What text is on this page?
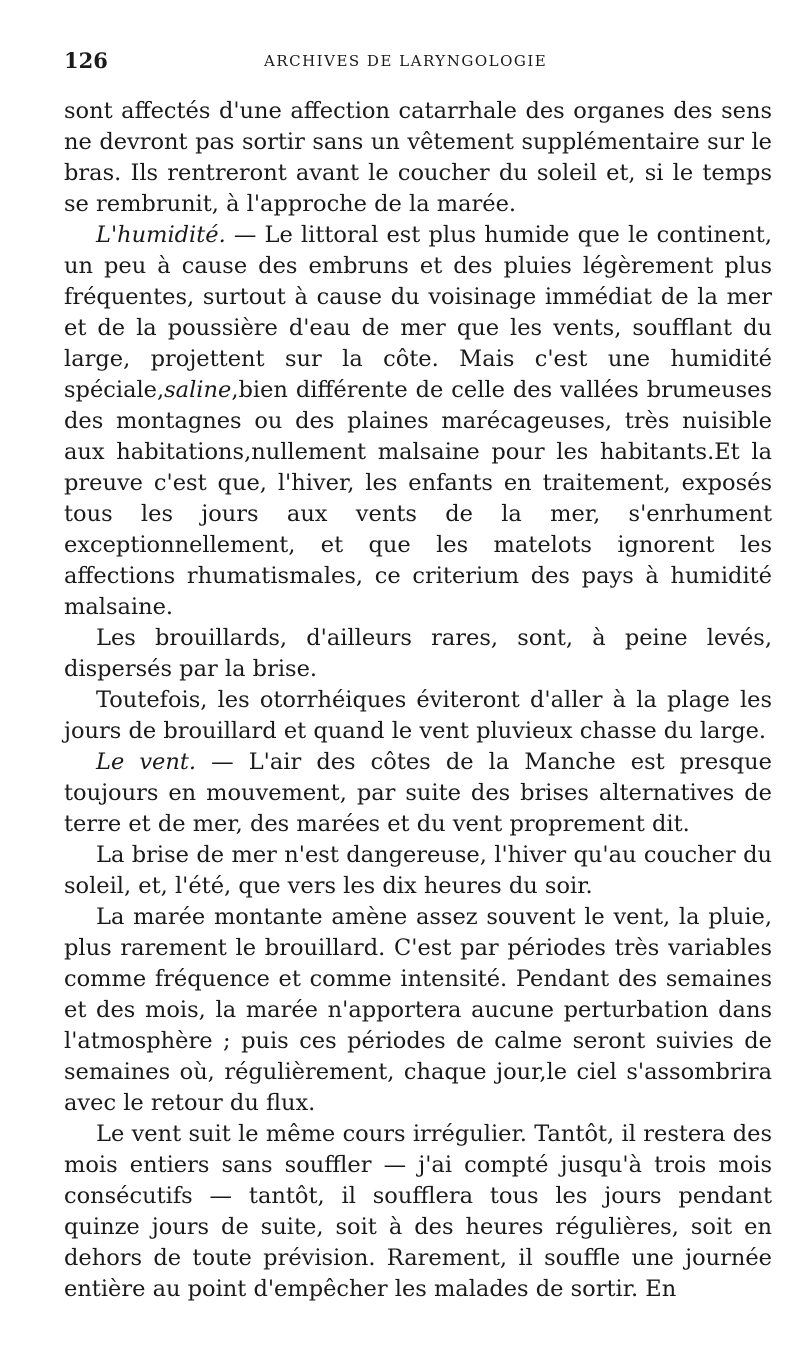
126	ARCHIVES DE LARYNGOLOGIE

sont affectés d'une affection catarrhale des organes des sens ne devront pas sortir sans un vêtement supplémentaire sur le bras. Ils rentreront avant le coucher du soleil et, si le temps se rembrunit, à l'approche de la marée.

L'humidité. — Le littoral est plus humide que le continent, un peu à cause des embruns et des pluies légèrement plus fréquentes, surtout à cause du voisinage immédiat de la mer et de la poussière d'eau de mer que les vents, soufflant du large, projettent sur la côte. Mais c'est une humidité spéciale,saline,bien différente de celle des vallées brumeuses des montagnes ou des plaines marécageuses, très nuisible aux habitations,nullement malsaine pour les habitants.Et la preuve c'est que, l'hiver, les enfants en traitement, exposés tous les jours aux vents de la mer, s'enrhument exceptionnellement, et que les matelots ignorent les affections rhumatismales, ce criterium des pays à humidité malsaine.

Les brouillards, d'ailleurs rares, sont, à peine levés, dispersés par la brise.

Toutefois, les otorrhéiques éviteront d'aller à la plage les jours de brouillard et quand le vent pluvieux chasse du large.

Le vent. — L'air des côtes de la Manche est presque toujours en mouvement, par suite des brises alternatives de terre et de mer, des marées et du vent proprement dit.

La brise de mer n'est dangereuse, l'hiver qu'au coucher du soleil, et, l'été, que vers les dix heures du soir.

La marée montante amène assez souvent le vent, la pluie, plus rarement le brouillard. C'est par périodes très variables comme fréquence et comme intensité. Pendant des semaines et des mois, la marée n'apportera aucune perturbation dans l'atmosphère ; puis ces périodes de calme seront suivies de semaines où, régulièrement, chaque jour,le ciel s'assombrira avec le retour du flux.

Le vent suit le même cours irrégulier. Tantôt, il restera des mois entiers sans souffler — j'ai compté jusqu'à trois mois consécutifs — tantôt, il soufflera tous les jours pendant quinze jours de suite, soit à des heures régulières, soit en dehors de toute prévision. Rarement, il souffle une journée entière au point d'empêcher les malades de sortir. En
